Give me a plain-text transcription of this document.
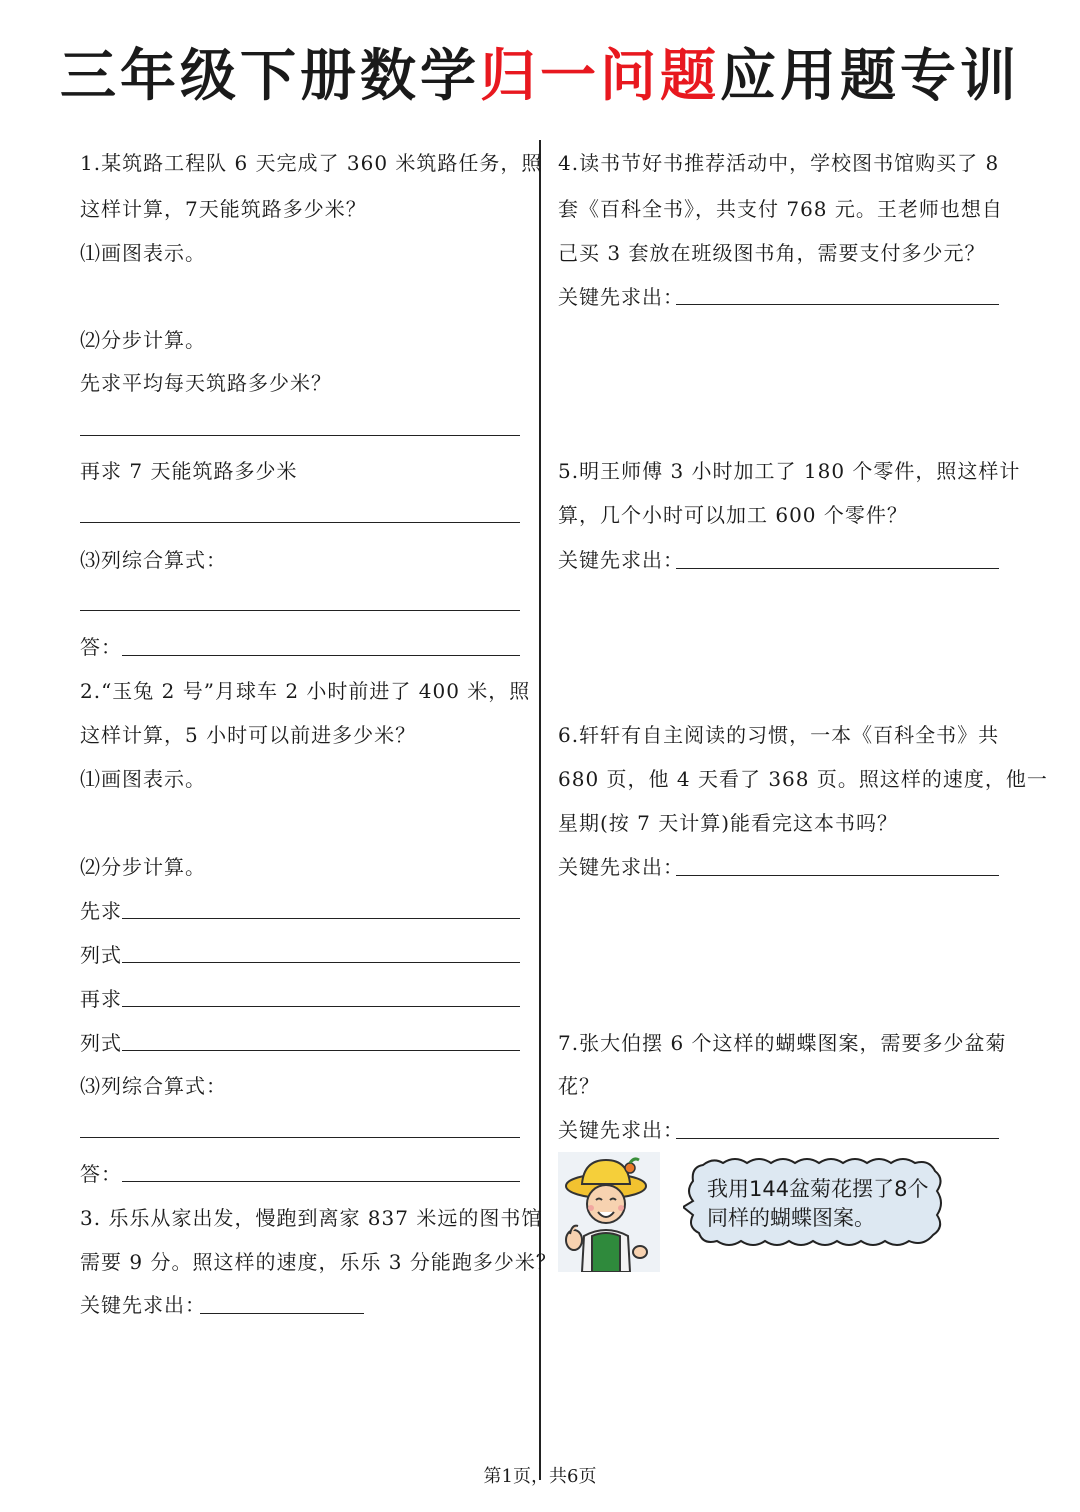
三年级下册数学归一问题应用题专训
1.某筑路工程队 6 天完成了 360 米筑路任务，照
这样计算，7天能筑路多少米？
⑴画图表示。
⑵分步计算。
先求平均每天筑路多少米？
再求 7 天能筑路多少米
⑶列综合算式：
答：
2.“玉兔 2 号”月球车 2 小时前进了 400 米，照
这样计算，5 小时可以前进多少米？
⑴画图表示。
⑵分步计算。
先求
列式
再求
列式
⑶列综合算式：
答：
3. 乐乐从家出发，慢跑到离家 837 米远的图书馆
需要 9 分。照这样的速度，乐乐 3 分能跑多少米？
关键先求出：
4.读书节好书推荐活动中，学校图书馆购买了 8
套《百科全书》，共支付 768 元。王老师也想自
己买 3 套放在班级图书角，需要支付多少元？
关键先求出：
5.明王师傅 3 小时加工了 180 个零件，照这样计
算，几个小时可以加工 600 个零件？
关键先求出：
6.轩轩有自主阅读的习惯，一本《百科全书》共
680 页，他 4 天看了 368 页。照这样的速度，他一
星期(按 7 天计算)能看完这本书吗？
关键先求出：
7.张大伯摆 6 个这样的蝴蝶图案，需要多少盆菊
花？
关键先求出：
我用144盆菊花摆了8个同样的蝴蝶图案。
第1页，共6页
